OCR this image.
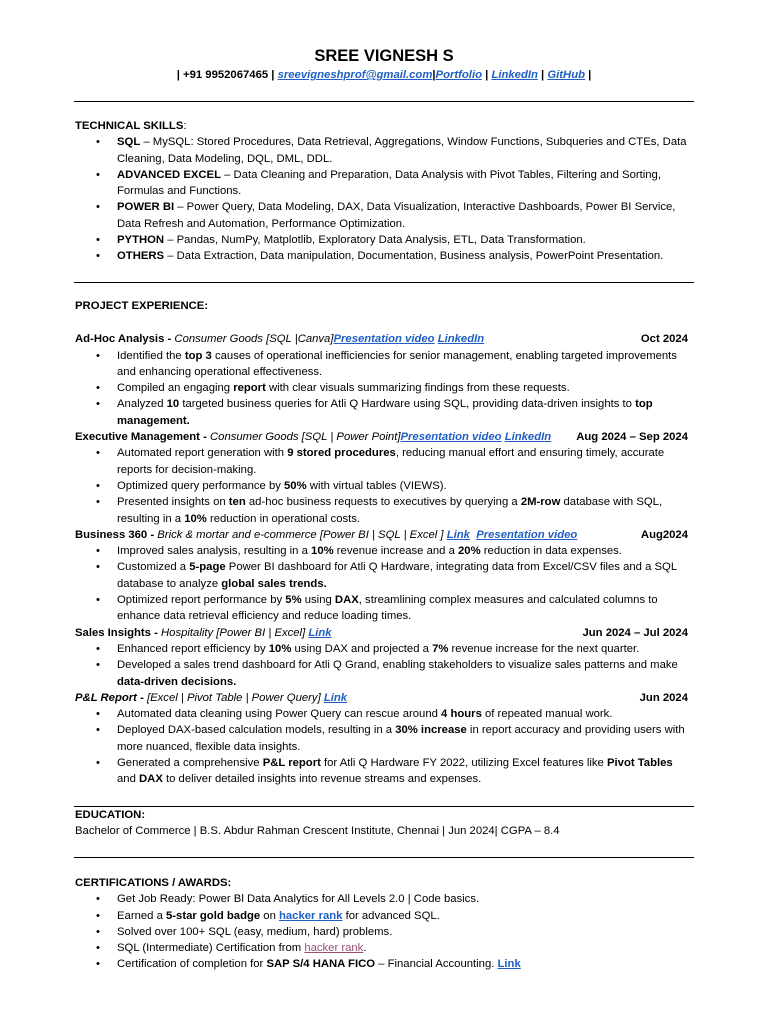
SREE VIGNESH S
| +91 9952067465 | sreevigneshprof@gmail.com|Portfolio | LinkedIn | GitHub |
TECHNICAL SKILLS:
• SQL – MySQL: Stored Procedures, Data Retrieval, Aggregations, Window Functions, Subqueries and CTEs, Data Cleaning, Data Modeling, DQL, DML, DDL.
• ADVANCED EXCEL – Data Cleaning and Preparation, Data Analysis with Pivot Tables, Filtering and Sorting, Formulas and Functions.
• POWER BI – Power Query, Data Modeling, DAX, Data Visualization, Interactive Dashboards, Power BI Service, Data Refresh and Automation, Performance Optimization.
• PYTHON – Pandas, NumPy, Matplotlib, Exploratory Data Analysis, ETL, Data Transformation.
• OTHERS – Data Extraction, Data manipulation, Documentation, Business analysis, PowerPoint Presentation.
PROJECT EXPERIENCE:
Ad-Hoc Analysis - Consumer Goods [SQL |Canva]Presentation video LinkedIn	Oct 2024
• Identified the top 3 causes of operational inefficiencies for senior management, enabling targeted improvements and enhancing operational effectiveness.
• Compiled an engaging report with clear visuals summarizing findings from these requests.
• Analyzed 10 targeted business queries for Atli Q Hardware using SQL, providing data-driven insights to top management.
Executive Management - Consumer Goods [SQL | Power Point]Presentation video LinkedIn Aug 2024 – Sep 2024
• Automated report generation with 9 stored procedures, reducing manual effort and ensuring timely, accurate reports for decision-making.
• Optimized query performance by 50% with virtual tables (VIEWS).
• Presented insights on ten ad-hoc business requests to executives by querying a 2M-row database with SQL, resulting in a 10% reduction in operational costs.
Business 360 - Brick & mortar and e-commerce [Power BI | SQL | Excel ] Link Presentation video	Aug2024
• Improved sales analysis, resulting in a 10% revenue increase and a 20% reduction in data expenses.
• Customized a 5-page Power BI dashboard for Atli Q Hardware, integrating data from Excel/CSV files and a SQL database to analyze global sales trends.
• Optimized report performance by 5% using DAX, streamlining complex measures and calculated columns to enhance data retrieval efficiency and reduce loading times.
Sales Insights - Hospitality [Power BI | Excel] Link	Jun 2024 – Jul 2024
• Enhanced report efficiency by 10% using DAX and projected a 7% revenue increase for the next quarter.
• Developed a sales trend dashboard for Atli Q Grand, enabling stakeholders to visualize sales patterns and make data-driven decisions.
P&L Report - [Excel | Pivot Table | Power Query] Link	Jun 2024
• Automated data cleaning using Power Query can rescue around 4 hours of repeated manual work.
• Deployed DAX-based calculation models, resulting in a 30% increase in report accuracy and providing users with more nuanced, flexible data insights.
• Generated a comprehensive P&L report for Atli Q Hardware FY 2022, utilizing Excel features like Pivot Tables and DAX to deliver detailed insights into revenue streams and expenses.
EDUCATION:
Bachelor of Commerce | B.S. Abdur Rahman Crescent Institute, Chennai | Jun 2024| CGPA – 8.4
CERTIFICATIONS / AWARDS:
• Get Job Ready: Power Bl Data Analytics for All Levels 2.0 | Code basics.
• Earned a 5-star gold badge on hacker rank for advanced SQL.
• Solved over 100+ SQL (easy, medium, hard) problems.
• SQL (Intermediate) Certification from hacker rank.
• Certification of completion for SAP S/4 HANA FICO – Financial Accounting. Link
